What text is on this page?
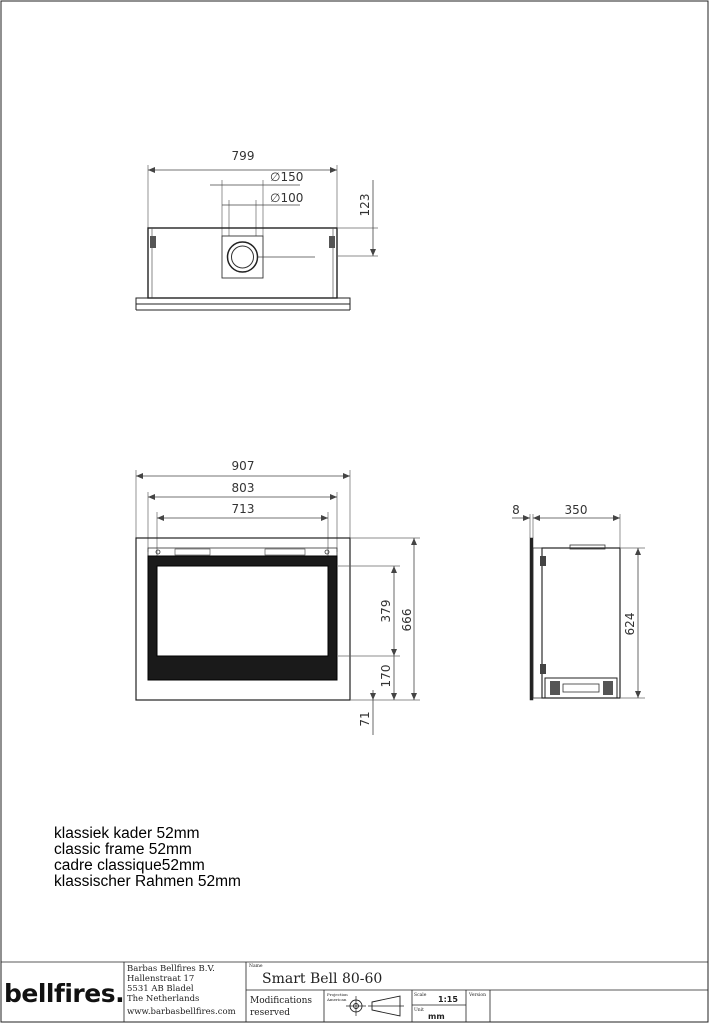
799
∅150
∅100	123
907
803
713
666
379
170
71
8	350
624
bellfires.
Barbas Bellfires B.V.
Hallenstraat 17
5531 AB Bladel
The Netherlands
www.barbasbellfires.com
Name
Smart Bell 80-60
Modifications
reserved
Projection
American
Scale 1:15
Unit
mm
Version
klassiek kader 52mm
classic frame 52mm
cadre classique52mm
klassischer Rahmen 52mm
